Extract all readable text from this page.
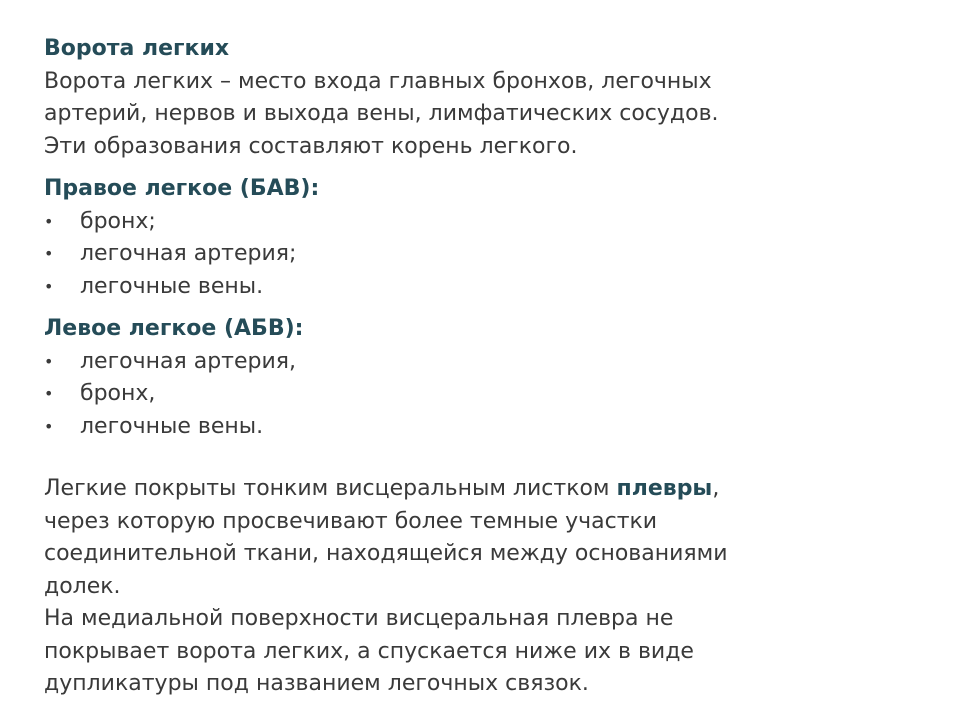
Ворота легких

Ворота легких – место входа главных бронхов, легочных

артерий, нервов и выхода вены, лимфатических сосудов.

Эти образования составляют корень легкого.

Правое легкое (БАВ):

•	бронх;
•	легочная артерия;
•	легочные вены.

Левое легкое (АБВ):

•	легочная артерия,
•	бронх,
•	легочные вены.

Легкие покрыты тонким висцеральным листком плевры,

через которую просвечивают более темные участки

соединительной ткани, находящейся между основаниями

долек.

На медиальной поверхности висцеральная плевра не

покрывает ворота легких, а спускается ниже их в виде

дупликатуры под названием легочных связок.
